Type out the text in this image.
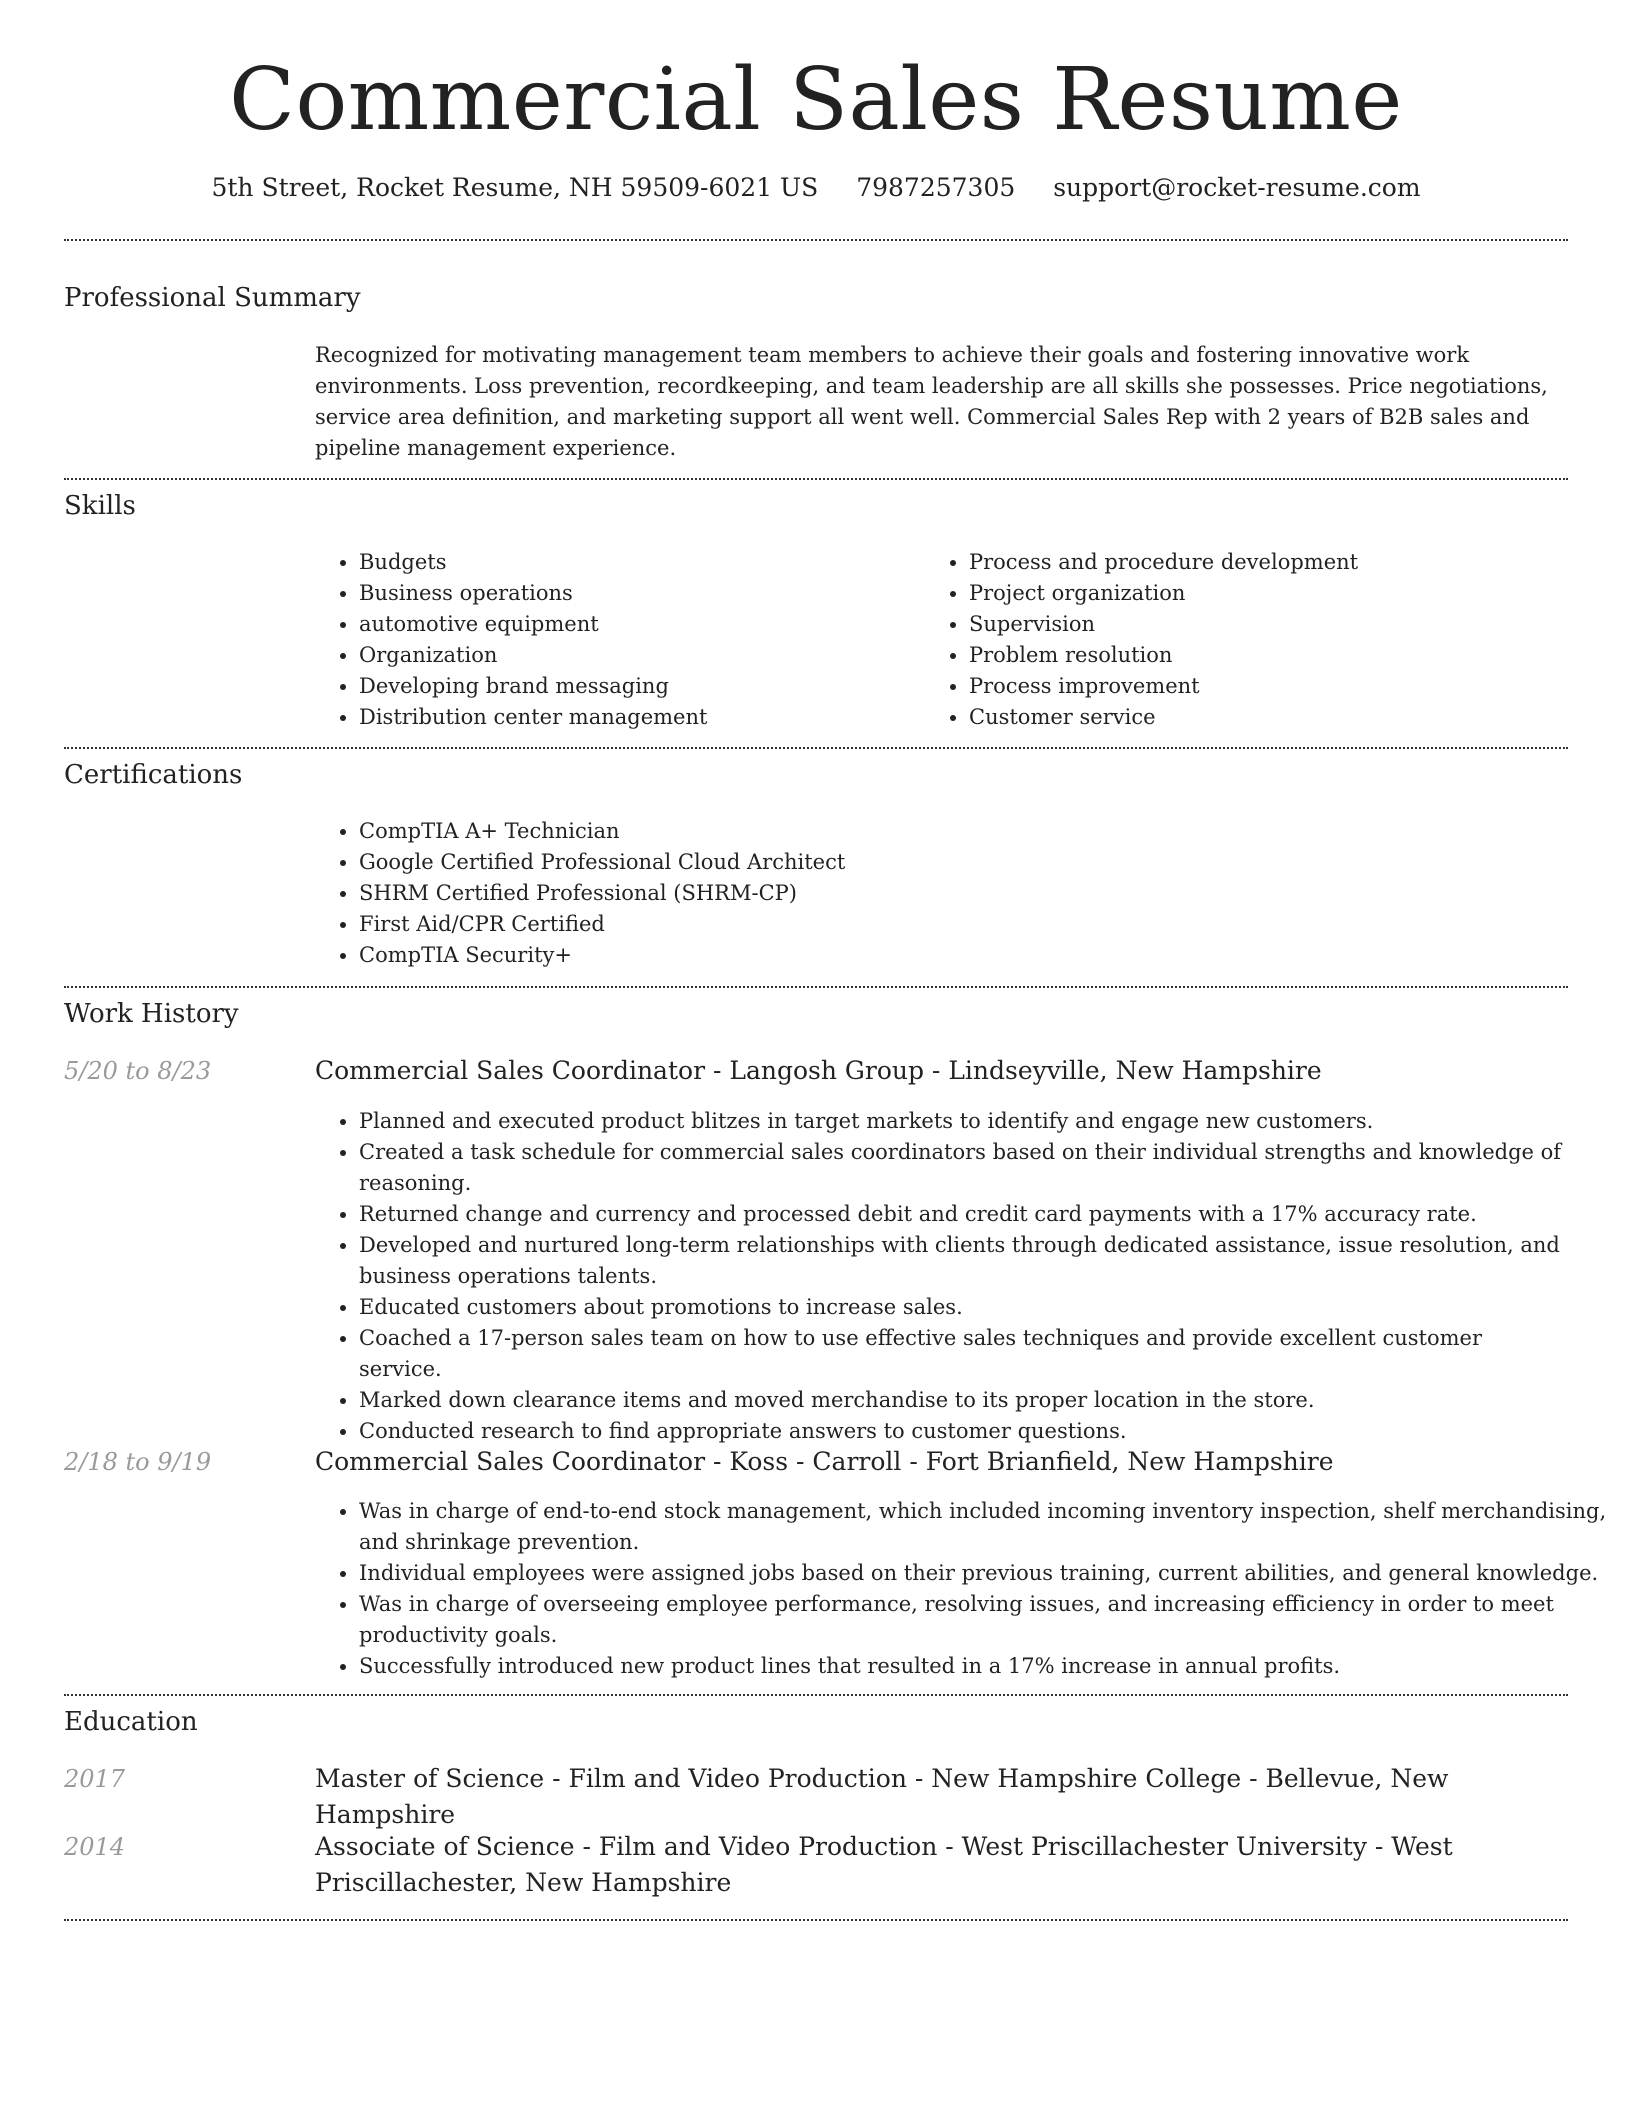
Commercial Sales Resume
5th Street, Rocket Resume, NH 59509-6021 US 7987257305 support@rocket-resume.com
Professional Summary

Recognized for motivating management team members to achieve their goals and fostering innovative work environments. Loss prevention, recordkeeping, and team leadership are all skills she possesses. Price negotiations, service area definition, and marketing support all went well. Commercial Sales Rep with 2 years of B2B sales and pipeline management experience.

Skills
• Budgets
• Business operations
• automotive equipment
• Organization
• Developing brand messaging
• Distribution center management
• Process and procedure development
• Project organization
• Supervision
• Problem resolution
• Process improvement
• Customer service
Certifications
• CompTIA A+ Technician
• Google Certified Professional Cloud Architect
• SHRM Certified Professional (SHRM-CP)
• First Aid/CPR Certified
• CompTIA Security+
Work History
5/20 to 8/23	Commercial Sales Coordinator - Langosh Group - Lindseyville, New Hampshire
• Planned and executed product blitzes in target markets to identify and engage new customers.
• Created a task schedule for commercial sales coordinators based on their individual strengths and knowledge of reasoning.
• Returned change and currency and processed debit and credit card payments with a 17% accuracy rate.
• Developed and nurtured long-term relationships with clients through dedicated assistance, issue resolution, and business operations talents.
• Educated customers about promotions to increase sales.
• Coached a 17-person sales team on how to use effective sales techniques and provide excellent customer service.
• Marked down clearance items and moved merchandise to its proper location in the store.
• Conducted research to find appropriate answers to customer questions.
2/18 to 9/19	Commercial Sales Coordinator - Koss - Carroll - Fort Brianfield, New Hampshire
• Was in charge of end-to-end stock management, which included incoming inventory inspection, shelf merchandising, and shrinkage prevention.
• Individual employees were assigned jobs based on their previous training, current abilities, and general knowledge.
• Was in charge of overseeing employee performance, resolving issues, and increasing efficiency in order to meet productivity goals.
• Successfully introduced new product lines that resulted in a 17% increase in annual profits.
Education
2017	Master of Science - Film and Video Production - New Hampshire College - Bellevue, New Hampshire
2014	Associate of Science - Film and Video Production - West Priscillachester University - West Priscillachester, New Hampshire
